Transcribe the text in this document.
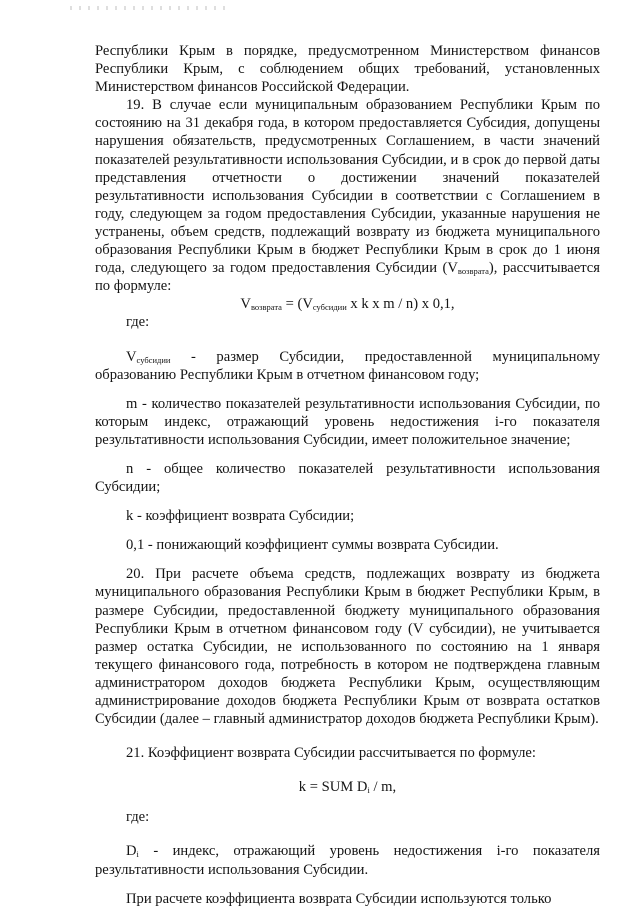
Республики Крым в порядке, предусмотренном Министерством финансов Республики Крым, с соблюдением общих требований, установленных Министерством финансов Российской Федерации.

19. В случае если муниципальным образованием Республики Крым по состоянию на 31 декабря года, в котором предоставляется Субсидия, допущены нарушения обязательств, предусмотренных Соглашением, в части значений показателей результативности использования Субсидии, и в срок до первой даты представления отчетности о достижении значений показателей результативности использования Субсидии в соответствии с Соглашением в году, следующем за годом предоставления Субсидии, указанные нарушения не устранены, объем средств, подлежащий возврату из бюджета муниципального образования Республики Крым в бюджет Республики Крым в срок до 1 июня года, следующего за годом предоставления Субсидии $(V_{возврата})$, рассчитывается по формуле:

$V_{возврата} = (V_{субсидии}$ x k x m / n) x 0,1,

где:

$V_{субсидии}$ - размер Субсидии, предоставленной муниципальному образованию Республики Крым в отчетном финансовом году;

m - количество показателей результативности использования Субсидии, по которым индекс, отражающий уровень недостижения i-го показателя результативности использования Субсидии, имеет положительное значение;

n - общее количество показателей результативности использования Субсидии;

k - коэффициент возврата Субсидии;

0,1 - понижающий коэффициент суммы возврата Субсидии.

20. При расчете объема средств, подлежащих возврату из бюджета муниципального образования Республики Крым в бюджет Республики Крым, в размере Субсидии, предоставленной бюджету муниципального образования Республики Крым в отчетном финансовом году (V субсидии), не учитывается размер остатка Субсидии, не использованного по состоянию на 1 января текущего финансового года, потребность в котором не подтверждена главным администратором доходов бюджета Республики Крым, осуществляющим администрирование доходов бюджета Республики Крым от возврата остатков Субсидии (далее – главный администратор доходов бюджета Республики Крым).

21. Коэффициент возврата Субсидии рассчитывается по формуле:

k = SUM $D_i$ / m,

где:

$D_i$ - индекс, отражающий уровень недостижения i-го показателя результативности использования Субсидии.

При расчете коэффициента возврата Субсидии используются только
